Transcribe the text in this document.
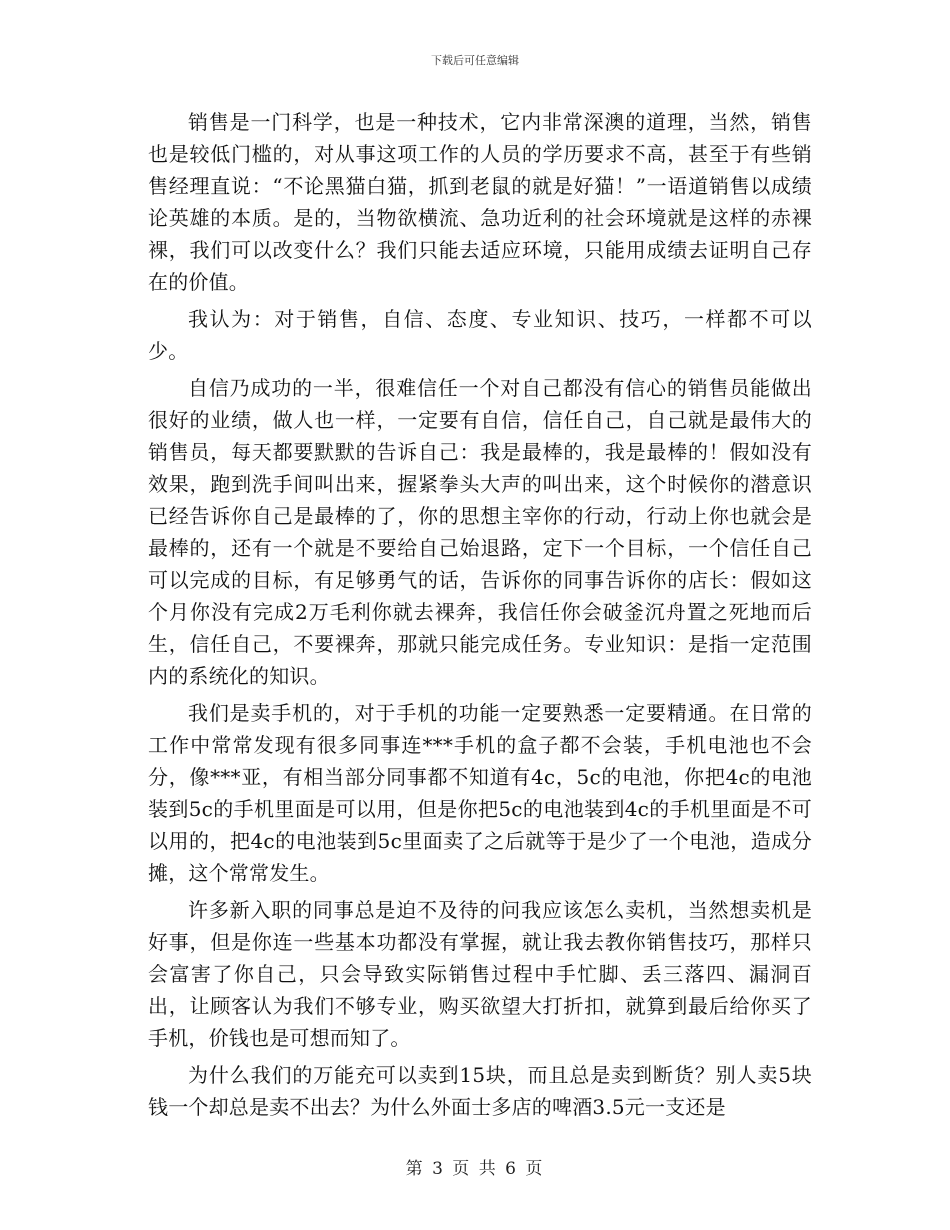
下载后可任意编辑

销售是一门科学，也是一种技术，它内非常深澳的道理，当然，销售也是较低门槛的，对从事这项工作的人员的学历要求不高，甚至于有些销售经理直说：“不论黑猫白猫，抓到老鼠的就是好猫！”一语道销售以成绩论英雄的本质。是的，当物欲横流、急功近利的社会环境就是这样的赤裸裸，我们可以改变什么？我们只能去适应环境，只能用成绩去证明自己存在的价值。

我认为：对于销售，自信、态度、专业知识、技巧，一样都不可以少。

自信乃成功的一半，很难信任一个对自己都没有信心的销售员能做出很好的业绩，做人也一样，一定要有自信，信任自己，自己就是最伟大的销售员，每天都要默默的告诉自己：我是最棒的，我是最棒的！假如没有效果，跑到洗手间叫出来，握紧拳头大声的叫出来，这个时候你的潜意识已经告诉你自己是最棒的了，你的思想主宰你的行动，行动上你也就会是最棒的，还有一个就是不要给自己始退路，定下一个目标，一个信任自己可以完成的目标，有足够勇气的话，告诉你的同事告诉你的店长：假如这个月你没有完成2万毛利你就去裸奔，我信任你会破釜沉舟置之死地而后生，信任自己，不要裸奔，那就只能完成任务。专业知识：是指一定范围内的系统化的知识。

我们是卖手机的，对于手机的功能一定要熟悉一定要精通。在日常的工作中常常发现有很多同事连***手机的盒子都不会装，手机电池也不会分，像***亚，有相当部分同事都不知道有4c，5c的电池，你把4c的电池装到5c的手机里面是可以用，但是你把5c的电池装到4c的手机里面是不可以用的，把4c的电池装到5c里面卖了之后就等于是少了一个电池，造成分摊，这个常常发生。

许多新入职的同事总是迫不及待的问我应该怎么卖机，当然想卖机是好事，但是你连一些基本功都没有掌握，就让我去教你销售技巧，那样只会富害了你自己，只会导致实际销售过程中手忙脚、丢三落四、漏洞百出，让顾客认为我们不够专业，购买欲望大打折扣，就算到最后给你买了手机，价钱也是可想而知了。

为什么我们的万能充可以卖到15块，而且总是卖到断货？别人卖5块钱一个却总是卖不出去？为什么外面士多店的啤酒3.5元一支还是

第 3 页 共 6 页
